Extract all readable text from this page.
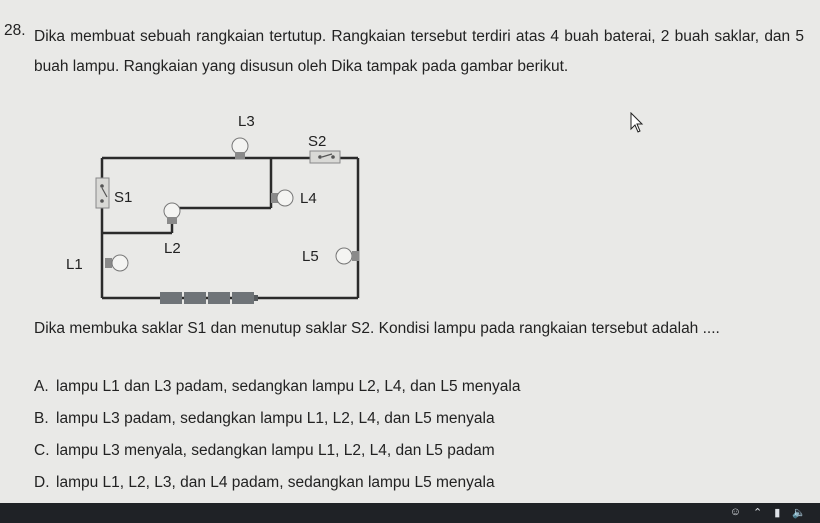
28. Dika membuat sebuah rangkaian tertutup. Rangkaian tersebut terdiri atas 4 buah baterai, 2 buah saklar, dan 5 buah lampu. Rangkaian yang disusun oleh Dika tampak pada gambar berikut.
L3
S2
S1
L2
L4
L5
L1
Dika membuka saklar S1 dan menutup saklar S2. Kondisi lampu pada rangkaian tersebut adalah ....
A. lampu L1 dan L3 padam, sedangkan lampu L2, L4, dan L5 menyala
B. lampu L3 padam, sedangkan lampu L1, L2, L4, dan L5 menyala
C. lampu L3 menyala, sedangkan lampu L1, L2, L4, dan L5 padam
D. lampu L1, L2, L3, dan L4 padam, sedangkan lampu L5 menyala
☺ ⌃ ▮ 🔈
